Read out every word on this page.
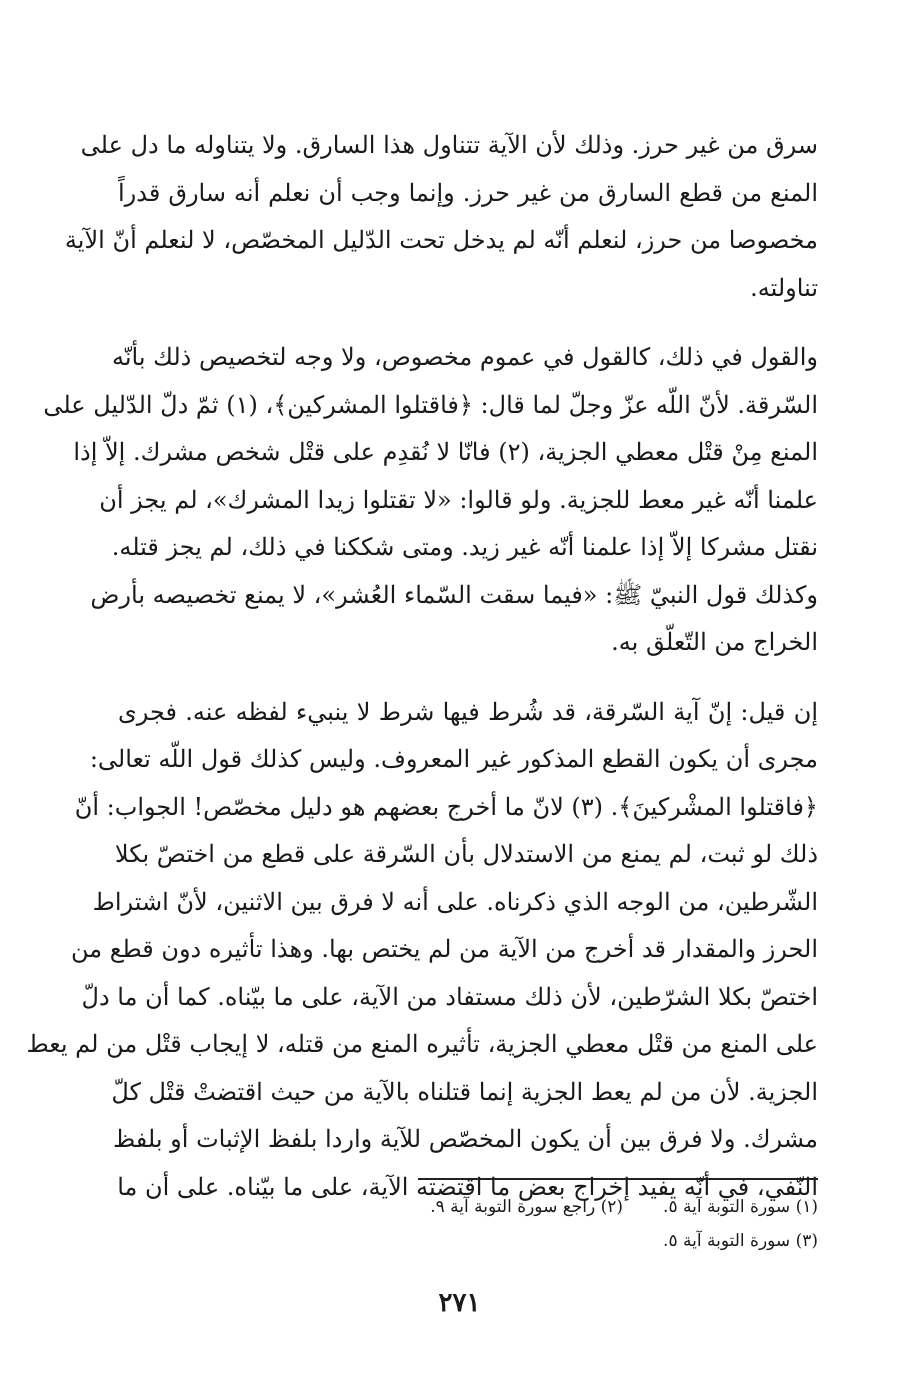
سرق من غير حرز. وذلك لأن الآية تتناول هذا السارق. ولا يتناوله ما دل على
المنع من قطع السارق من غير حرز. وإنما وجب أن نعلم أنه سارق قدراً
مخصوصا من حرز، لنعلم أنّه لم يدخل تحت الدّليل المخصّص، لا لنعلم أنّ الآية
تناولته.
والقول في ذلك، كالقول في عموم مخصوص، ولا وجه لتخصيص ذلك بأنّه
السّرقة. لأنّ اللّه عزّ وجلّ لما قال: ﴿فاقتلوا المشركين﴾، (١) ثمّ دلّ الدّليل على
المنع مِنْ قتْل معطي الجزية، (٢) فانّا لا نُقدِم على قتْل شخص مشرك. إلاّ إذا
علمنا أنّه غير معط للجزية. ولو قالوا: «لا تقتلوا زيدا المشرك»، لم يجز أن
نقتل مشركا إلاّ إذا علمنا أنّه غير زيد. ومتى شككنا في ذلك، لم يجز قتله.
وكذلك قول النبيّ ﷺ: «فيما سقت السّماء العُشر»، لا يمنع تخصيصه بأرض
الخراج من التّعلّق به.
إن قيل: إنّ آية السّرقة، قد شُرط فيها شرط لا ينبيء لفظه عنه. فجرى
مجرى أن يكون القطع المذكور غير المعروف. وليس كذلك قول اللّه تعالى:
﴿فاقتلوا المشْركينَ﴾. (٣) لانّ ما أخرج بعضهم هو دليل مخصّص! الجواب: أنّ
ذلك لو ثبت، لم يمنع من الاستدلال بأن السّرقة على قطع من اختصّ بكلا
الشّرطين، من الوجه الذي ذكرناه. على أنه لا فرق بين الاثنين، لأنّ اشتراط
الحرز والمقدار قد أخرج من الآية من لم يختص بها. وهذا تأثيره دون قطع من
اختصّ بكلا الشرّطين، لأن ذلك مستفاد من الآية، على ما بيّناه. كما أن ما دلّ
على المنع من قتْل معطي الجزية، تأثيره المنع من قتله، لا إيجاب قتْل من لم يعط
الجزية. لأن من لم يعط الجزية إنما قتلناه بالآية من حيث اقتضتْ قتْل كلّ
مشرك. ولا فرق بين أن يكون المخصّص للآية واردا بلفظ الإثبات أو بلفظ
النّفي، في أنّه يفيد إخراج بعض ما اقتضته الآية، على ما بيّناه. على أن ما
(١) سورة التوبة آية ٥.
(٢) راجع سورة التوبة آية ٩.
(٣) سورة التوبة آية ٥.
٢٧١
